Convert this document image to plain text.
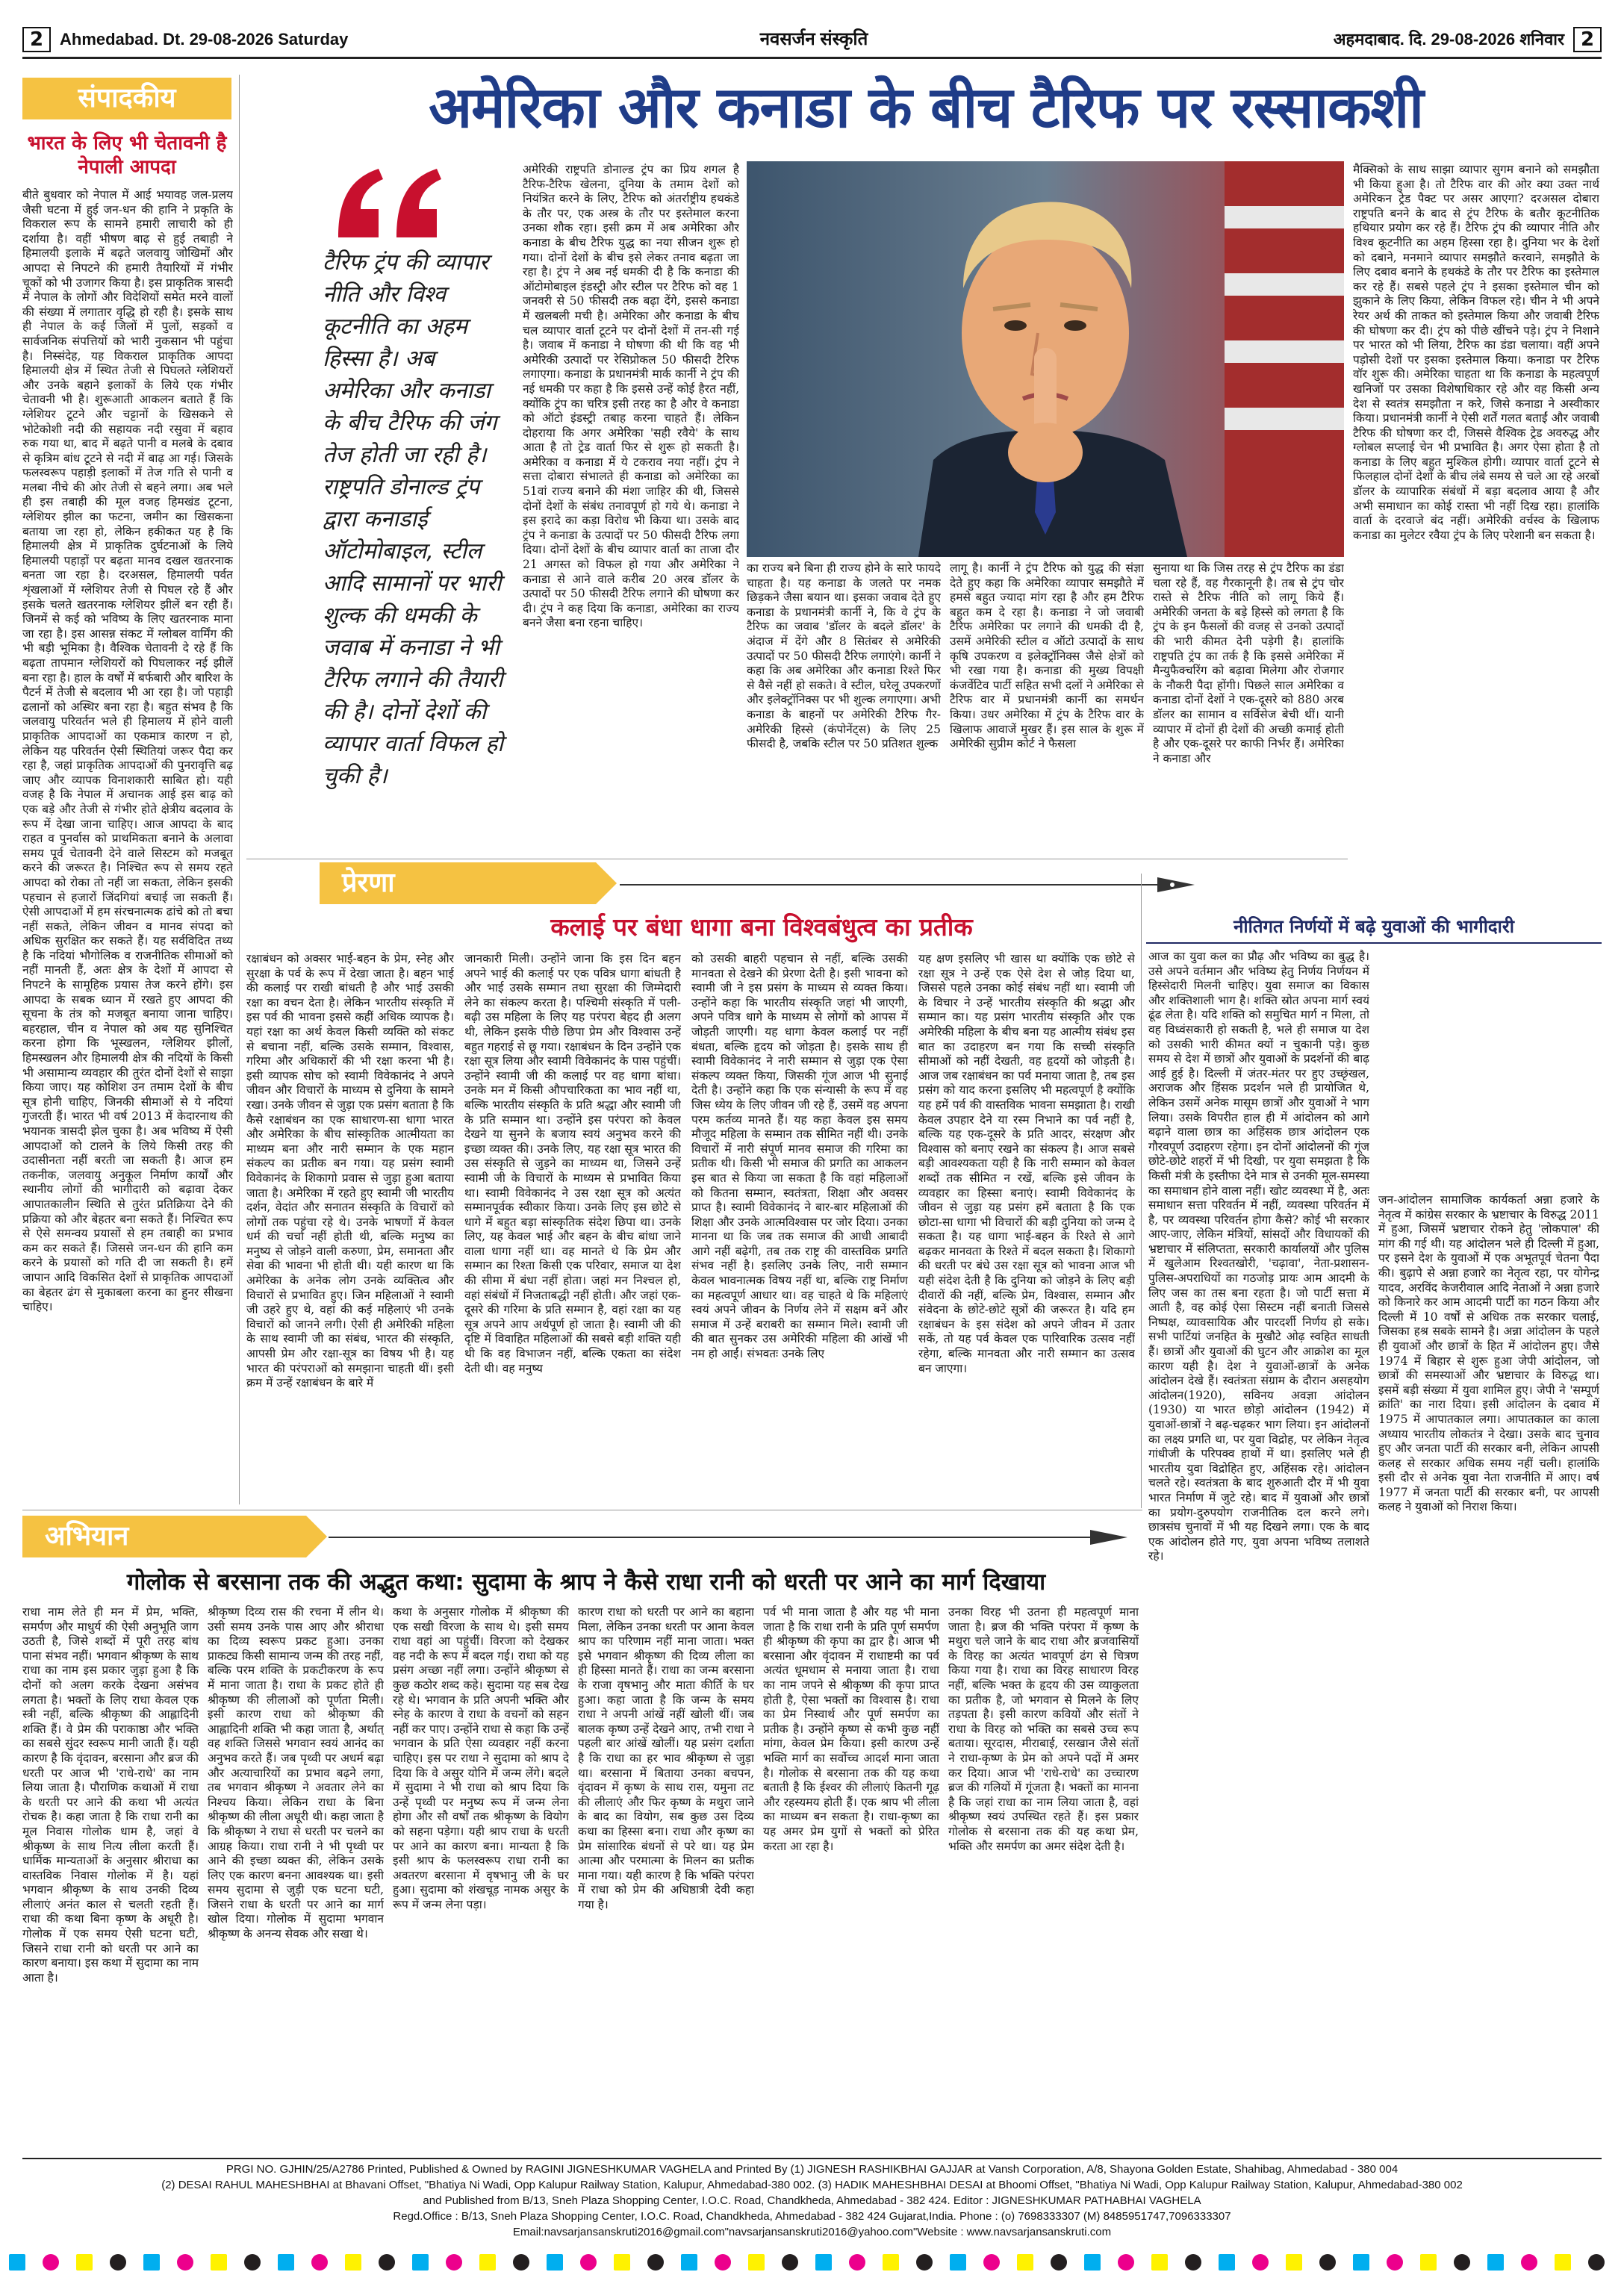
2 Ahmedabad. Dt. 29-08-2026 Saturday	नवसर्जन संस्कृति	अहमदाबाद. दि. 29-08-2026 शनिवार 2
संपादकीय
भारत के लिए भी चेतावनी है नेपाली आपदा
बीते बुधवार को नेपाल में आई भयावह जल-प्रलय जैसी घटना में हुई जन-धन की हानि ने प्रकृति के विकराल रूप के सामने हमारी लाचारी को ही दर्शाया है। वहीं भीषण बाढ़ से हुई तबाही ने हिमालयी इलाके में बढ़ते जलवायु जोखिमों और आपदा से निपटने की हमारी तैयारियों में गंभीर चूकों को भी उजागर किया है। इस प्राकृतिक त्रासदी में नेपाल के लोगों और विदेशियों समेत मरने वालों की संख्या में लगातार वृद्धि हो रही है। इसके साथ ही नेपाल के कई जिलों में पुलों, सड़कों व सार्वजनिक संपत्तियों को भारी नुकसान भी पहुंचा है। निस्संदेह, यह विकराल प्राकृतिक आपदा हिमालयी क्षेत्र में स्थित तेजी से पिघलते ग्लेशियरों और उनके बहाने इलाकों के लिये एक गंभीर चेतावनी भी है। शुरूआती आकलन बताते हैं कि ग्लेशियर टूटने और चट्टानों के खिसकने से भोटेकोशी नदी की सहायक नदी रसुवा में बहाव रुक गया था, बाद में बढ़ते पानी व मलबे के दबाव से कृत्रिम बांध टूटने से नदी में बाढ़ आ गई। जिसके फलस्वरूप पहाड़ी इलाकों में तेज गति से पानी व मलबा नीचे की ओर तेजी से बहने लगा। अब भले ही इस तबाही की मूल वजह हिमखंड टूटना, ग्लेशियर झील का फटना, जमीन का खिसकना बताया जा रहा हो, लेकिन हकीकत यह है कि हिमालयी क्षेत्र में प्राकृतिक दुर्घटनाओं के लिये हिमालयी पहाड़ों पर बढ़ता मानव दखल खतरनाक बनता जा रहा है। दरअसल, हिमालयी पर्वत शृंखलाओं में ग्लेशियर तेजी से पिघल रहे हैं और इसके चलते खतरनाक ग्लेशियर झीलें बन रही हैं। जिनमें से कई को भविष्य के लिए खतरनाक माना जा रहा है। इस आसन्न संकट में ग्लोबल वार्मिंग की भी बड़ी भूमिका है। वैश्विक चेतावनी दे रहे हैं कि बढ़ता तापमान ग्लेशियरों को पिघलाकर नई झीलें बना रहा है। हाल के वर्षों में बर्फबारी और बारिश के पैटर्न में तेजी से बदलाव भी आ रहा है। जो पहाड़ी ढलानों को अस्थिर बना रहा है। बहुत संभव है कि जलवायु परिवर्तन भले ही हिमालय में होने वाली प्राकृतिक आपदाओं का एकमात्र कारण न हो, लेकिन यह परिवर्तन ऐसी स्थितियां जरूर पैदा कर रहा है, जहां प्राकृतिक आपदाओं की पुनरावृत्ति बढ़ जाए और व्यापक विनाशकारी साबित हो। यही वजह है कि नेपाल में अचानक आई इस बाढ़ को एक बड़े और तेजी से गंभीर होते क्षेत्रीय बदलाव के रूप में देखा जाना चाहिए। आज आपदा के बाद राहत व पुनर्वास को प्राथमिकता बनाने के अलावा समय पूर्व चेतावनी देने वाले सिस्टम को मजबूत करने की जरूरत है। निश्चित रूप से समय रहते आपदा को रोका तो नहीं जा सकता, लेकिन इसकी पहचान से हजारों जिंदगियां बचाई जा सकती हैं। ऐसी आपदाओं में हम संरचनात्मक ढांचे को तो बचा नहीं सकते, लेकिन जीवन व मानव संपदा को अधिक सुरक्षित कर सकते हैं। यह सर्वविदित तथ्य है कि नदियां भौगोलिक व राजनीतिक सीमाओं को नहीं मानती हैं, अतः क्षेत्र के देशों में आपदा से निपटने के सामूहिक प्रयास तेज करने होंगे। इस आपदा के सबक ध्यान में रखते हुए आपदा की सूचना के तंत्र को मजबूत बनाया जाना चाहिए। बहरहाल, चीन व नेपाल को अब यह सुनिश्चित करना होगा कि भूस्खलन, ग्लेशियर झीलों, हिमस्खलन और हिमालयी क्षेत्र की नदियों के किसी भी असामान्य व्यवहार की तुरंत दोनों देशों से साझा किया जाए। यह कोशिश उन तमाम देशों के बीच सूत्र होनी चाहिए, जिनकी सीमाओं से ये नदियां गुजरती हैं। भारत भी वर्ष 2013 में केदारनाथ की भयानक त्रासदी झेल चुका है। अब भविष्य में ऐसी आपदाओं को टालने के लिये किसी तरह की उदासीनता नहीं बरती जा सकती है। आज हम तकनीक, जलवायु अनुकूल निर्माण कार्यों और स्थानीय लोगों की भागीदारी को बढ़ावा देकर आपातकालीन स्थिति से तुरंत प्रतिक्रिया देने की प्रक्रिया को और बेहतर बना सकते हैं। निश्चित रूप से ऐसे समन्वय प्रयासों से हम तबाही का प्रभाव कम कर सकते हैं। जिससे जन-धन की हानि कम करने के प्रयासों को गति दी जा सकती है। हमें जापान आदि विकसित देशों से प्राकृतिक आपदाओं का बेहतर ढंग से मुकाबला करना का हुनर सीखना चाहिए।
अमेरिका और कनाडा के बीच टैरिफ पर रस्साकशी
टैरिफ ट्रंप की व्यापार नीति और विश्व कूटनीति का अहम हिस्सा है। अब अमेरिका और कनाडा के बीच टैरिफ की जंग तेज होती जा रही है। राष्ट्रपति डोनाल्ड ट्रंप द्वारा कनाडाई ऑटोमोबाइल, स्टील आदि सामानों पर भारी शुल्क की धमकी के जवाब में कनाडा ने भी टैरिफ लगाने की तैयारी की है। दोनों देशों की व्यापार वार्ता विफल हो चुकी है।
अमेरिकी राष्ट्रपति डोनाल्ड ट्रंप का प्रिय शगल है टैरिफ-टैरिफ खेलना, दुनिया के तमाम देशों को नियंत्रित करने के लिए, टैरिफ को अंतर्राष्ट्रीय हथकंडे के तौर पर, एक अस्त्र के तौर पर इस्तेमाल करना उनका शौक रहा। इसी क्रम में अब अमेरिका और कनाडा के बीच टैरिफ युद्ध का नया सीजन शुरू हो गया। दोनों देशों के बीच इसे लेकर तनाव बढ़ता जा रहा है। ट्रंप ने अब नई धमकी दी है कि कनाडा की ऑटोमोबाइल इंडस्ट्री और स्टील पर टैरिफ को वह 1 जनवरी से 50 फीसदी तक बढ़ा देंगे, इससे कनाडा में खलबली मची है। अमेरिका और कनाडा के बीच चल व्यापार वार्ता टूटने पर दोनों देशों में तन-सी गई है। जवाब में कनाडा ने घोषणा की थी कि वह भी अमेरिकी उत्पादों पर रेसिप्रोकल 50 फीसदी टैरिफ लगाएगा। कनाडा के प्रधानमंत्री मार्क कार्नी ने ट्रंप की नई धमकी पर कहा है कि इससे उन्हें कोई हैरत नहीं, क्योंकि ट्रंप का चरित्र इसी तरह का है और वे कनाडा को ऑटो इंडस्ट्री तबाह करना चाहते हैं। लेकिन दोहराया कि अगर अमेरिका 'सही रवैये' के साथ आता है तो ट्रेड वार्ता फिर से शुरू हो सकती है। अमेरिका व कनाडा में ये टकराव नया नहीं। ट्रंप ने सत्ता दोबारा संभालते ही कनाडा को अमेरिका का 51वां राज्य बनाने की मंशा जाहिर की थी, जिससे दोनों देशों के संबंध तनावपूर्ण हो गये थे। कनाडा ने इस इरादे का कड़ा विरोध भी किया था। उसके बाद ट्रंप ने कनाडा के उत्पादों पर 50 फीसदी टैरिफ लगा दिया। दोनों देशों के बीच व्यापार वार्ता का ताजा दौर 21 अगस्त को विफल हो गया और अमेरिका ने कनाडा से आने वाले करीब 20 अरब डॉलर के उत्पादों पर 50 फीसदी टैरिफ लगाने की घोषणा कर दी। ट्रंप ने कह दिया कि कनाडा, अमेरिका का राज्य बनने जैसा बना रहना चाहिए।
का राज्य बने बिना ही राज्य होने के सारे फायदे चाहता है। यह कनाडा के जलते पर नमक छिड़कने जैसा बयान था। इसका जवाब देते हुए कनाडा के प्रधानमंत्री कार्नी ने, कि वे ट्रंप के टैरिफ का जवाब 'डॉलर के बदले डॉलर' के अंदाज में देंगे और 8 सितंबर से अमेरिकी उत्पादों पर 50 फीसदी टैरिफ लगाएंगे। कार्नी ने कहा कि अब अमेरिका और कनाडा रिश्ते फिर से वैसे नहीं हो सकते। वे स्टील, घरेलू उपकरणों और इलेक्ट्रॉनिक्स पर भी शुल्क लगाएगा। अभी कनाडा के बाहनों पर अमेरिकी टैरिफ गैर-अमेरिकी हिस्से (कंपोनेंट्स) के लिए 25 फीसदी है, जबकि स्टील पर 50 प्रतिशत शुल्क
लागू है। कार्नी ने ट्रंप टैरिफ को युद्ध की संज्ञा देते हुए कहा कि अमेरिका व्यापार समझौते में हमसे बहुत ज्यादा मांग रहा है और हम टैरिफ बहुत कम दे रहा है। कनाडा ने जो जवाबी टैरिफ अमेरिका पर लगाने की धमकी दी है, उसमें अमेरिकी स्टील व ऑटो उत्पादों के साथ कृषि उपकरण व इलेक्ट्रॉनिक्स जैसे क्षेत्रों को भी रखा गया है। कनाडा की मुख्य विपक्षी कंजर्वेटिव पार्टी सहित सभी दलों ने अमेरिका से टैरिफ वार में प्रधानमंत्री कार्नी का समर्थन किया। उधर अमेरिका में ट्रंप के टैरिफ वार के खिलाफ आवाजें मुखर हैं। इस साल के शुरू में अमेरिकी सुप्रीम कोर्ट ने फैसला
सुनाया था कि जिस तरह से ट्रंप टैरिफ का डंडा चला रहे हैं, वह गैरकानूनी है। तब से ट्रंप चोर रास्ते से टैरिफ नीति को लागू किये हैं। अमेरिकी जनता के बड़े हिस्से को लगता है कि ट्रंप के इन फैसलों की वजह से उनको उत्पादों की भारी कीमत देनी पड़ेगी है। हालांकि राष्ट्रपति ट्रंप का तर्क है कि इससे अमेरिका में मैन्युफैक्चरिंग को बढ़ावा मिलेगा और रोजगार के नौकरी पैदा होंगी। पिछले साल अमेरिका व कनाडा दोनों देशों ने एक-दूसरे को 880 अरब डॉलर का सामान व सर्विसेज बेची थीं। यानी व्यापार में दोनों ही देशों की अच्छी कमाई होती है और एक-दूसरे पर काफी निर्भर हैं। अमेरिका ने कनाडा और
मैक्सिको के साथ साझा व्यापार सुगम बनाने को समझौता भी किया हुआ है। तो टैरिफ वार की ओर क्या उक्त नार्थ अमेरिकन ट्रेड पैक्ट पर असर आएगा? दरअसल दोबारा राष्ट्रपति बनने के बाद से ट्रंप टैरिफ के बतौर कूटनीतिक हथियार प्रयोग कर रहे हैं। टैरिफ ट्रंप की व्यापार नीति और विश्व कूटनीति का अहम हिस्सा रहा है। दुनिया भर के देशों को दबाने, मनमाने व्यापार समझौते करवाने, समझौते के लिए दबाव बनाने के हथकंडे के तौर पर टैरिफ का इस्तेमाल कर रहे हैं। सबसे पहले ट्रंप ने इसका इस्तेमाल चीन को झुकाने के लिए किया, लेकिन विफल रहे। चीन ने भी अपने रेयर अर्थ की ताकत को इस्तेमाल किया और जवाबी टैरिफ की घोषणा कर दी। ट्रंप को पीछे खींचने पड़े। ट्रंप ने निशाने पर भारत को भी लिया, टैरिफ का डंडा चलाया। वहीं अपने पड़ोसी देशों पर इसका इस्तेमाल किया। कनाडा पर टैरिफ वॉर शुरू की। अमेरिका चाहता था कि कनाडा के महत्वपूर्ण खनिजों पर उसका विशेषाधिकार रहे और वह किसी अन्य देश से स्वतंत्र समझौता न करे, जिसे कनाडा ने अस्वीकार किया। प्रधानमंत्री कार्नी ने ऐसी शर्तें गलत बताईं और जवाबी टैरिफ की घोषणा कर दी, जिससे वैश्विक ट्रेड अवरुद्ध और ग्लोबल सप्लाई चेन भी प्रभावित है। अगर ऐसा होता है तो कनाडा के लिए बहुत मुश्किल होगी। व्यापार वार्ता टूटने से फिलहाल दोनों देशों के बीच लंबे समय से चले आ रहे अरबों डॉलर के व्यापारिक संबंधों में बड़ा बदलाव आया है और अभी समाधान का कोई रास्ता भी नहीं दिख रहा। हालांकि वार्ता के दरवाजे बंद नहीं। अमेरिकी वर्चस्व के खिलाफ कनाडा का मुलेटर रवैया ट्रंप के लिए परेशानी बन सकता है।
प्रेरणा
कलाई पर बंधा धागा बना विश्वबंधुत्व का प्रतीक
रक्षाबंधन को अक्सर भाई-बहन के प्रेम, स्नेह और सुरक्षा के पर्व के रूप में देखा जाता है। बहन भाई की कलाई पर राखी बांधती है और भाई उसकी रक्षा का वचन देता है। लेकिन भारतीय संस्कृति में इस पर्व की भावना इससे कहीं अधिक व्यापक है। यहां रक्षा का अर्थ केवल किसी व्यक्ति को संकट से बचाना नहीं, बल्कि उसके सम्मान, विश्वास, गरिमा और अधिकारों की भी रक्षा करना भी है। इसी व्यापक सोच को स्वामी विवेकानंद ने अपने जीवन और विचारों के माध्यम से दुनिया के सामने रखा। उनके जीवन से जुड़ा एक प्रसंग बताता है कि कैसे रक्षाबंधन का एक साधारण-सा धागा भारत और अमेरिका के बीच सांस्कृतिक आत्मीयता का माध्यम बना और नारी सम्मान के एक महान संकल्प का प्रतीक बन गया। यह प्रसंग स्वामी विवेकानंद के शिकागो प्रवास से जुड़ा हुआ बताया जाता है। अमेरिका में रहते हुए स्वामी जी भारतीय दर्शन, वेदांत और सनातन संस्कृति के विचारों को लोगों तक पहुंचा रहे थे। उनके भाषणों में केवल धर्म की चर्चा नहीं होती थी, बल्कि मनुष्य का मनुष्य से जोड़ने वाली करुणा, प्रेम, समानता और सेवा की भावना भी होती थी। यही कारण था कि अमेरिका के अनेक लोग उनके व्यक्तित्व और विचारों से प्रभावित हुए। जिन महिलाओं ने स्वामी जी उहरे हुए थे, वहां की कई महिलाएं भी उनके विचारों को जानने लगी। ऐसी ही अमेरिकी महिला के साथ स्वामी जी का संबंध, भारत की संस्कृति, आपसी प्रेम और रक्षा-सूत्र का विषय भी है। यह भारत की परंपराओं को समझाना चाहती थीं। इसी क्रम में उन्हें रक्षाबंधन के बारे में
जानकारी मिली। उन्होंने जाना कि इस दिन बहन अपने भाई की कलाई पर एक पवित्र धागा बांधती है और भाई उसके सम्मान तथा सुरक्षा की जिम्मेदारी लेने का संकल्प करता है। पश्चिमी संस्कृति में पली-बढ़ी उस महिला के लिए यह परंपरा बेहद ही अलग थी, लेकिन इसके पीछे छिपा प्रेम और विश्वास उन्हें बहुत गहराई से छू गया। रक्षाबंधन के दिन उन्होंने एक रक्षा सूत्र लिया और स्वामी विवेकानंद के पास पहुंचीं। उन्होंने स्वामी जी की कलाई पर वह धागा बांधा। उनके मन में किसी औपचारिकता का भाव नहीं था, बल्कि भारतीय संस्कृति के प्रति श्रद्धा और स्वामी जी के प्रति सम्मान था। उन्होंने इस परंपरा को केवल देखने या सुनने के बजाय स्वयं अनुभव करने की इच्छा व्यक्त की। उनके लिए, यह रक्षा सूत्र भारत की उस संस्कृति से जुड़ने का माध्यम था, जिसने उन्हें स्वामी जी के विचारों के माध्यम से प्रभावित किया था। स्वामी विवेकानंद ने उस रक्षा सूत्र को अत्यंत सम्मानपूर्वक स्वीकार किया। उनके लिए इस छोटे से धागे में बहुत बड़ा सांस्कृतिक संदेश छिपा था। उनके लिए, यह केवल भाई और बहन के बीच बांधा जाने वाला धागा नहीं था। वह मानते थे कि प्रेम और सम्मान का रिश्ता किसी एक परिवार, समाज या देश की सीमा में बंधा नहीं होता। जहां मन निश्चल हो, वहां संबंधों में निजताबद्धी नहीं होती। और जहां एक-दूसरे की गरिमा के प्रति सम्मान है, वहां रक्षा का यह सूत्र अपने आप अर्थपूर्ण हो जाता है। स्वामी जी की दृष्टि में विवाहित महिलाओं की सबसे बड़ी शक्ति यही थी कि वह विभाजन नहीं, बल्कि एकता का संदेश देती थी। वह मनुष्य
को उसकी बाहरी पहचान से नहीं, बल्कि उसकी मानवता से देखने की प्रेरणा देती है। इसी भावना को स्वामी जी ने इस प्रसंग के माध्यम से व्यक्त किया। उन्होंने कहा कि भारतीय संस्कृति जहां भी जाएगी, अपने पवित्र धागे के माध्यम से लोगों को आपस में जोड़ती जाएगी। यह धागा केवल कलाई पर नहीं बंधता, बल्कि हृदय को जोड़ता है। इसके साथ ही स्वामी विवेकानंद ने नारी सम्मान से जुड़ा एक ऐसा संकल्प व्यक्त किया, जिसकी गूंज आज भी सुनाई देती है। उन्होंने कहा कि एक संन्यासी के रूप में वह जिस ध्येय के लिए जीवन जी रहे हैं, उसमें वह अपना परम कर्तव्य मानते हैं। यह कहा केवल इस समय मौजूद महिला के सम्मान तक सीमित नहीं थी। उनके विचारों में नारी संपूर्ण मानव समाज की गरिमा का प्रतीक थी। किसी भी समाज की प्रगति का आकलन इस बात से किया जा सकता है कि वहां महिलाओं को कितना सम्मान, स्वतंत्रता, शिक्षा और अवसर प्राप्त है। स्वामी विवेकानंद ने बार-बार महिलाओं की शिक्षा और उनके आत्मविश्वास पर जोर दिया। उनका मानना था कि जब तक समाज की आधी आबादी आगे नहीं बढ़ेगी, तब तक राष्ट्र की वास्तविक प्रगति संभव नहीं है। इसलिए उनके लिए, नारी सम्मान केवल भावनात्मक विषय नहीं था, बल्कि राष्ट्र निर्माण का महत्वपूर्ण आधार था। वह चाहते थे कि महिलाएं स्वयं अपने जीवन के निर्णय लेने में सक्षम बनें और समाज में उन्हें बराबरी का सम्मान मिले। स्वामी जी की बात सुनकर उस अमेरिकी महिला की आंखें भी नम हो आईं। संभवतः उनके लिए
यह क्षण इसलिए भी खास था क्योंकि एक छोटे से रक्षा सूत्र ने उन्हें एक ऐसे देश से जोड़ दिया था, जिससे पहले उनका कोई संबंध नहीं था। स्वामी जी के विचार ने उन्हें भारतीय संस्कृति की श्रद्धा और सम्मान का। यह प्रसंग भारतीय संस्कृति और एक अमेरिकी महिला के बीच बना यह आत्मीय संबंध इस बात का उदाहरण बन गया कि सच्ची संस्कृति सीमाओं को नहीं देखती, वह हृदयों को जोड़ती है। आज जब रक्षाबंधन का पर्व मनाया जाता है, तब इस प्रसंग को याद करना इसलिए भी महत्वपूर्ण है क्योंकि यह हमें पर्व की वास्तविक भावना समझाता है। राखी केवल उपहार देने या रस्म निभाने का पर्व नहीं है, बल्कि यह एक-दूसरे के प्रति आदर, संरक्षण और विश्वास को बनाए रखने का संकल्प है। आज सबसे बड़ी आवश्यकता यही है कि नारी सम्मान को केवल शब्दों तक सीमित न रखें, बल्कि इसे जीवन के व्यवहार का हिस्सा बनाएं। स्वामी विवेकानंद के जीवन से जुड़ा यह प्रसंग हमें बताता है कि एक छोटा-सा धागा भी विचारों की बड़ी दुनिया को जन्म दे सकता है। यह धागा भाई-बहन के रिश्ते से आगे बढ़कर मानवता के रिश्ते में बदल सकता है। शिकागो की धरती पर बंधे उस रक्षा सूत्र को भावना आज भी यही संदेश देती है कि दुनिया को जोड़ने के लिए बड़ी दीवारों की नहीं, बल्कि प्रेम, विश्वास, सम्मान और संवेदना के छोटे-छोटे सूत्रों की जरूरत है। यदि हम रक्षाबंधन के इस संदेश को अपने जीवन में उतार सकें, तो यह पर्व केवल एक पारिवारिक उत्सव नहीं रहेगा, बल्कि मानवता और नारी सम्मान का उत्सव बन जाएगा।
नीतिगत निर्णयों में बढ़े युवाओं की भागीदारी
आज का युवा कल का प्रौढ़ और भविष्य का बुद्ध है। उसे अपने वर्तमान और भविष्य हेतु निर्णय निर्णयन में हिस्सेदारी मिलनी चाहिए। युवा समाज का विकास और शक्तिशाली भाग है। शक्ति स्रोत अपना मार्ग स्वयं ढूंढ लेता है। यदि शक्ति को समुचित मार्ग न मिला, तो वह विध्वंसकारी हो सकती है, भले ही समाज या देश को उसकी भारी कीमत क्यों न चुकानी पड़े। कुछ समय से देश में छात्रों और युवाओं के प्रदर्शनों की बाढ़ आई हुई है। दिल्ली में जंतर-मंतर पर हुए उच्छृंखल, अराजक और हिंसक प्रदर्शन भले ही प्रायोजित थे, लेकिन उसमें अनेक मासूम छात्रों और युवाओं ने भाग लिया। उसके विपरीत हाल ही में आंदोलन को आगे बढ़ाने वाला छात्र का अहिंसक छात्र आंदोलन एक गौरवपूर्ण उदाहरण रहेगा। इन दोनों आंदोलनों की गूंज छोटे-छोटे शहरों में भी दिखी, पर युवा समझता है कि किसी मंत्री के इस्तीफा देने मात्र से उनकी मूल-समस्या का समाधान होने वाला नहीं। खोट व्यवस्था में है, अतः समाधान सत्ता परिवर्तन में नहीं, व्यवस्था परिवर्तन में है, पर व्यवस्था परिवर्तन होगा कैसे? कोई भी सरकार आए-जाए, लेकिन मंत्रियों, सांसदों और विधायकों की भ्रष्टाचार में संलिप्तता, सरकारी कार्यालयों और पुलिस में खुलेआम रिश्वतखोरी, 'चढ़ावा', नेता-प्रशासन-पुलिस-अपराधियों का गठजोड़ प्रायः आम आदमी के लिए जस का तस बना रहता है। जो पार्टी सत्ता में आती है, वह कोई ऐसा सिस्टम नहीं बनाती जिससे निष्पक्ष, व्यावसायिक और पारदर्शी निर्णय हो सके। सभी पार्टियां जनहित के मुखौटे ओढ़ स्वहित साधती हैं। छात्रों और युवाओं की घुटन और आक्रोश का मूल कारण यही है। देश ने युवाओं-छात्रों के अनेक आंदोलन देखे हैं। स्वतंत्रता संग्राम के दौरान असहयोग आंदोलन(1920), सविनय अवज्ञा आंदोलन (1930) या भारत छोड़ो आंदोलन (1942) में युवाओं-छात्रों ने बढ़-चढ़कर भाग लिया। इन आंदोलनों का लक्ष्य प्रगति था, पर युवा विद्रोह, पर लेकिन नेतृत्व गांधीजी के परिपक्व हाथों में था। इसलिए भले ही भारतीय युवा विद्रोहित हुए, अहिंसक रहे। आंदोलन चलते रहे। स्वतंत्रता के बाद शुरुआती दौर में भी युवा भारत निर्माण में जुटे रहे। बाद में युवाओं और छात्रों का प्रयोग-दुरुपयोग राजनीतिक दल करने लगे। छात्रसंघ चुनावों में भी यह दिखने लगा। एक के बाद एक आंदोलन होते गए, युवा अपना भविष्य तलाशते रहे।
जन-आंदोलन सामाजिक कार्यकर्ता अन्ना हजारे के नेतृत्व में कांग्रेस सरकार के भ्रष्टाचार के विरुद्ध 2011 में हुआ, जिसमें भ्रष्टाचार रोकने हेतु 'लोकपाल' की मांग की गई थी। यह आंदोलन भले ही दिल्ली में हुआ, पर इसने देश के युवाओं में एक अभूतपूर्व चेतना पैदा की। बुढ़ापे से अन्ना हजारे का नेतृत्व रहा, पर योगेन्द्र यादव, अरविंद केजरीवाल आदि नेताओं ने अन्ना हजारे को किनारे कर आम आदमी पार्टी का गठन किया और दिल्ली में 10 वर्षों से अधिक तक सरकार चलाई, जिसका हश्र सबके सामने है। अन्ना आंदोलन के पहले ही युवाओं और छात्रों के हित में आंदोलन हुए। जैसे 1974 में बिहार से शुरू हुआ जेपी आंदोलन, जो छात्रों की समस्याओं और भ्रष्टाचार के विरुद्ध था। इसमें बड़ी संख्या में युवा शामिल हुए। जेपी ने 'सम्पूर्ण क्रांति' का नारा दिया। इसी आंदोलन के दबाव में 1975 में आपातकाल लगा। आपातकाल का काला अध्याय भारतीय लोकतंत्र ने देखा। उसके बाद चुनाव हुए और जनता पार्टी की सरकार बनी, लेकिन आपसी कलह से सरकार अधिक समय नहीं चली। हालांकि इसी दौर से अनेक युवा नेता राजनीति में आए। वर्ष 1977 में जनता पार्टी की सरकार बनी, पर आपसी कलह ने युवाओं को निराश किया।
अभियान
गोलोक से बरसाना तक की अद्भुत कथा: सुदामा के श्राप ने कैसे राधा रानी को धरती पर आने का मार्ग दिखाया
राधा नाम लेते ही मन में प्रेम, भक्ति, समर्पण और माधुर्य की ऐसी अनुभूति जाग उठती है, जिसे शब्दों में पूरी तरह बांध पाना संभव नहीं। भगवान श्रीकृष्ण के साथ राधा का नाम इस प्रकार जुड़ा हुआ है कि दोनों को अलग करके देखना असंभव लगता है। भक्तों के लिए राधा केवल एक स्त्री नहीं, बल्कि श्रीकृष्ण की आह्लादिनी शक्ति हैं। वे प्रेम की पराकाष्ठा और भक्ति का सबसे सुंदर स्वरूप मानी जाती हैं। यही कारण है कि वृंदावन, बरसाना और ब्रज की धरती पर आज भी 'राधे-राधे' का नाम लिया जाता है। पौराणिक कथाओं में राधा के धरती पर आने की कथा भी अत्यंत रोचक है। कहा जाता है कि राधा रानी का मूल निवास गोलोक धाम है, जहां वे श्रीकृष्ण के साथ नित्य लीला करती हैं। धार्मिक मान्यताओं के अनुसार श्रीराधा का वास्तविक निवास गोलोक में है। यहां भगवान श्रीकृष्ण के साथ उनकी दिव्य लीलाएं अनंत काल से चलती रहती हैं। राधा की कथा बिना कृष्ण के अधूरी है। गोलोक में एक समय ऐसी घटना घटी, जिसने राधा रानी को धरती पर आने का कारण बनाया। इस कथा में सुदामा का नाम आता है।
श्रीकृष्ण दिव्य रास की रचना में लीन थे। उसी समय उनके पास आए और श्रीराधा का दिव्य स्वरूप प्रकट हुआ। उनका प्राकट्य किसी सामान्य जन्म की तरह नहीं, बल्कि परम शक्ति के प्रकटीकरण के रूप में माना जाता है। राधा के प्रकट होते ही श्रीकृष्ण की लीलाओं को पूर्णता मिली। इसी कारण राधा को श्रीकृष्ण की आह्लादिनी शक्ति भी कहा जाता है, अर्थात् वह शक्ति जिससे भगवान स्वयं आनंद का अनुभव करते हैं। जब पृथ्वी पर अधर्म बढ़ा और अत्याचारियों का प्रभाव बढ़ने लगा, तब भगवान श्रीकृष्ण ने अवतार लेने का निश्चय किया। लेकिन राधा के बिना श्रीकृष्ण की लीला अधूरी थी। कहा जाता है कि श्रीकृष्ण ने राधा से धरती पर चलने का आग्रह किया। राधा रानी ने भी पृथ्वी पर आने की इच्छा व्यक्त की, लेकिन उसके लिए एक कारण बनना आवश्यक था। इसी समय सुदामा से जुड़ी एक घटना घटी, जिसने राधा के धरती पर आने का मार्ग खोल दिया। गोलोक में सुदामा भगवान श्रीकृष्ण के अनन्य सेवक और सखा थे।
कथा के अनुसार गोलोक में श्रीकृष्ण की एक सखी विरजा के साथ थे। इसी समय राधा वहां आ पहुंचीं। विरजा को देखकर वह नदी के रूप में बदल गई। राधा को यह प्रसंग अच्छा नहीं लगा। उन्होंने श्रीकृष्ण से कुछ कठोर शब्द कहे। सुदामा यह सब देख रहे थे। भगवान के प्रति अपनी भक्ति और स्नेह के कारण वे राधा के वचनों को सहन नहीं कर पाए। उन्होंने राधा से कहा कि उन्हें भगवान के प्रति ऐसा व्यवहार नहीं करना चाहिए। इस पर राधा ने सुदामा को श्राप दे दिया कि वे असुर योनि में जन्म लेंगे। बदले में सुदामा ने भी राधा को श्राप दिया कि उन्हें पृथ्वी पर मनुष्य रूप में जन्म लेना होगा और सौ वर्षों तक श्रीकृष्ण के वियोग को सहना पड़ेगा। यही श्राप राधा के धरती पर आने का कारण बना। मान्यता है कि इसी श्राप के फलस्वरूप राधा रानी का अवतरण बरसाना में वृषभानु जी के घर हुआ। सुदामा को शंखचूड़ नामक असुर के रूप में जन्म लेना पड़ा।
कारण राधा को धरती पर आने का बहाना मिला, लेकिन उनका धरती पर आना केवल श्राप का परिणाम नहीं माना जाता। भक्त इसे भगवान श्रीकृष्ण की दिव्य लीला का ही हिस्सा मानते हैं। राधा का जन्म बरसाना के राजा वृषभानु और माता कीर्ति के घर हुआ। कहा जाता है कि जन्म के समय राधा ने अपनी आंखें नहीं खोली थीं। जब बालक कृष्ण उन्हें देखने आए, तभी राधा ने पहली बार आंखें खोलीं। यह प्रसंग दर्शाता है कि राधा का हर भाव श्रीकृष्ण से जुड़ा था। बरसाना में बिताया उनका बचपन, वृंदावन में कृष्ण के साथ रास, यमुना तट की लीलाएं और फिर कृष्ण के मथुरा जाने के बाद का वियोग, सब कुछ उस दिव्य कथा का हिस्सा बना। राधा और कृष्ण का प्रेम सांसारिक बंधनों से परे था। यह प्रेम आत्मा और परमात्मा के मिलन का प्रतीक माना गया। यही कारण है कि भक्ति परंपरा में राधा को प्रेम की अधिष्ठात्री देवी कहा गया है।
पर्व भी माना जाता है और यह भी माना जाता है कि राधा रानी के प्रति पूर्ण समर्पण ही श्रीकृष्ण की कृपा का द्वार है। आज भी बरसाना और वृंदावन में राधाष्टमी का पर्व अत्यंत धूमधाम से मनाया जाता है। राधा का नाम जपने से श्रीकृष्ण की कृपा प्राप्त होती है, ऐसा भक्तों का विश्वास है। राधा का प्रेम निस्वार्थ और पूर्ण समर्पण का प्रतीक है। उन्होंने कृष्ण से कभी कुछ नहीं मांगा, केवल प्रेम किया। इसी कारण उन्हें भक्ति मार्ग का सर्वोच्च आदर्श माना जाता है। गोलोक से बरसाना तक की यह कथा बताती है कि ईश्वर की लीलाएं कितनी गूढ़ और रहस्यमय होती हैं। एक श्राप भी लीला का माध्यम बन सकता है। राधा-कृष्ण का यह अमर प्रेम युगों से भक्तों को प्रेरित करता आ रहा है।
उनका विरह भी उतना ही महत्वपूर्ण माना जाता है। ब्रज की भक्ति परंपरा में कृष्ण के मथुरा चले जाने के बाद राधा और ब्रजवासियों के विरह का अत्यंत भावपूर्ण ढंग से चित्रण किया गया है। राधा का विरह साधारण विरह नहीं, बल्कि भक्त के हृदय की उस व्याकुलता का प्रतीक है, जो भगवान से मिलने के लिए तड़पता है। इसी कारण कवियों और संतों ने राधा के विरह को भक्ति का सबसे उच्च रूप बताया। सूरदास, मीराबाई, रसखान जैसे संतों ने राधा-कृष्ण के प्रेम को अपने पदों में अमर कर दिया। आज भी 'राधे-राधे' का उच्चारण ब्रज की गलियों में गूंजता है। भक्तों का मानना है कि जहां राधा का नाम लिया जाता है, वहां श्रीकृष्ण स्वयं उपस्थित रहते हैं। इस प्रकार गोलोक से बरसाना तक की यह कथा प्रेम, भक्ति और समर्पण का अमर संदेश देती है।
PRGI NO. GJHIN/25/A2786 Printed, Published & Owned by RAGINI JIGNESHKUMAR VAGHELA and Printed By (1) JIGNESH RASHIKBHAI GAJJAR at Vansh Corporation, A/8, Shayona Golden Estate, Shahibag, Ahmedabad - 380 004
(2) DESAI RAHUL MAHESHBHAI at Bhavani Offset, "Bhatiya Ni Wadi, Opp Kalupur Railway Station, Kalupur, Ahmedabad-380 002. (3) HADIK MAHESHBHAI DESAI at Bhoomi Offset, "Bhatiya Ni Wadi, Opp Kalupur Railway Station, Kalupur, Ahmedabad-380 002
and Published from B/13, Sneh Plaza Shopping Center, I.O.C. Road, Chandkheda, Ahmedabad - 382 424. Editor : JIGNESHKUMAR PATHABHAI VAGHELA
Regd.Office : B/13, Sneh Plaza Shopping Center, I.O.C. Road, Chandkheda, Ahmedabad - 382 424 Gujarat,India. Phone : (o) 7698333307 (M) 8485951747,7096333307
Email:navsarjansanskruti2016@gmail.com"navsarjansanskruti2016@yahoo.com"Website : www.navsarjansanskruti.com
